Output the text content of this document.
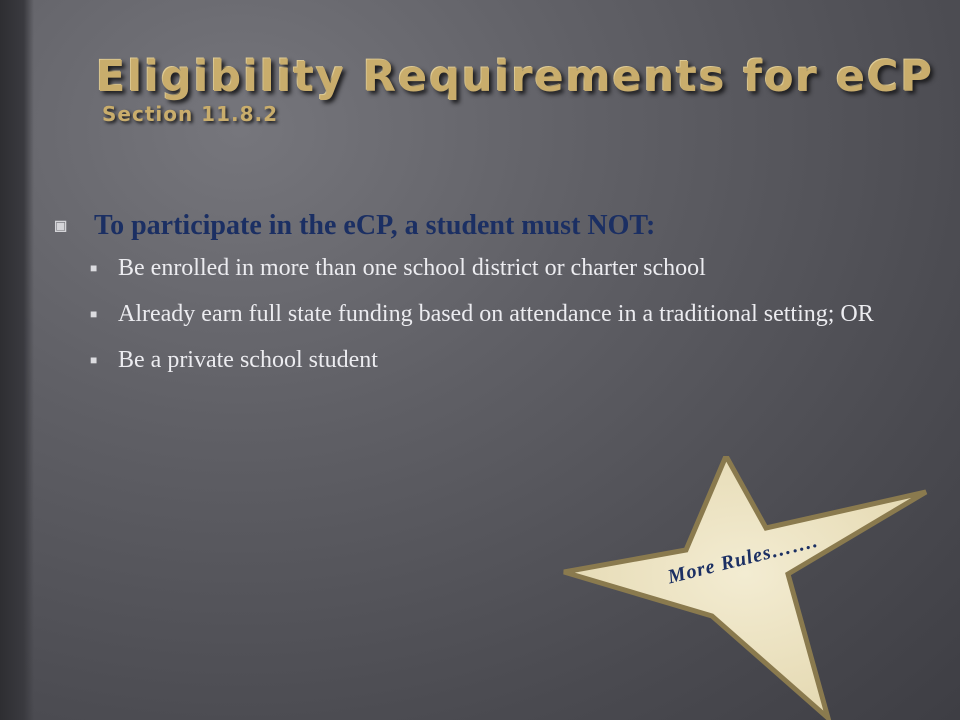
Eligibility Requirements for eCP Section 11.8.2
▣ To participate in the eCP, a student must NOT:
■ Be enrolled in more than one school district or charter school
■ Already earn full state funding based on attendance in a traditional setting; OR
■ Be a private school student
More Rules…….
